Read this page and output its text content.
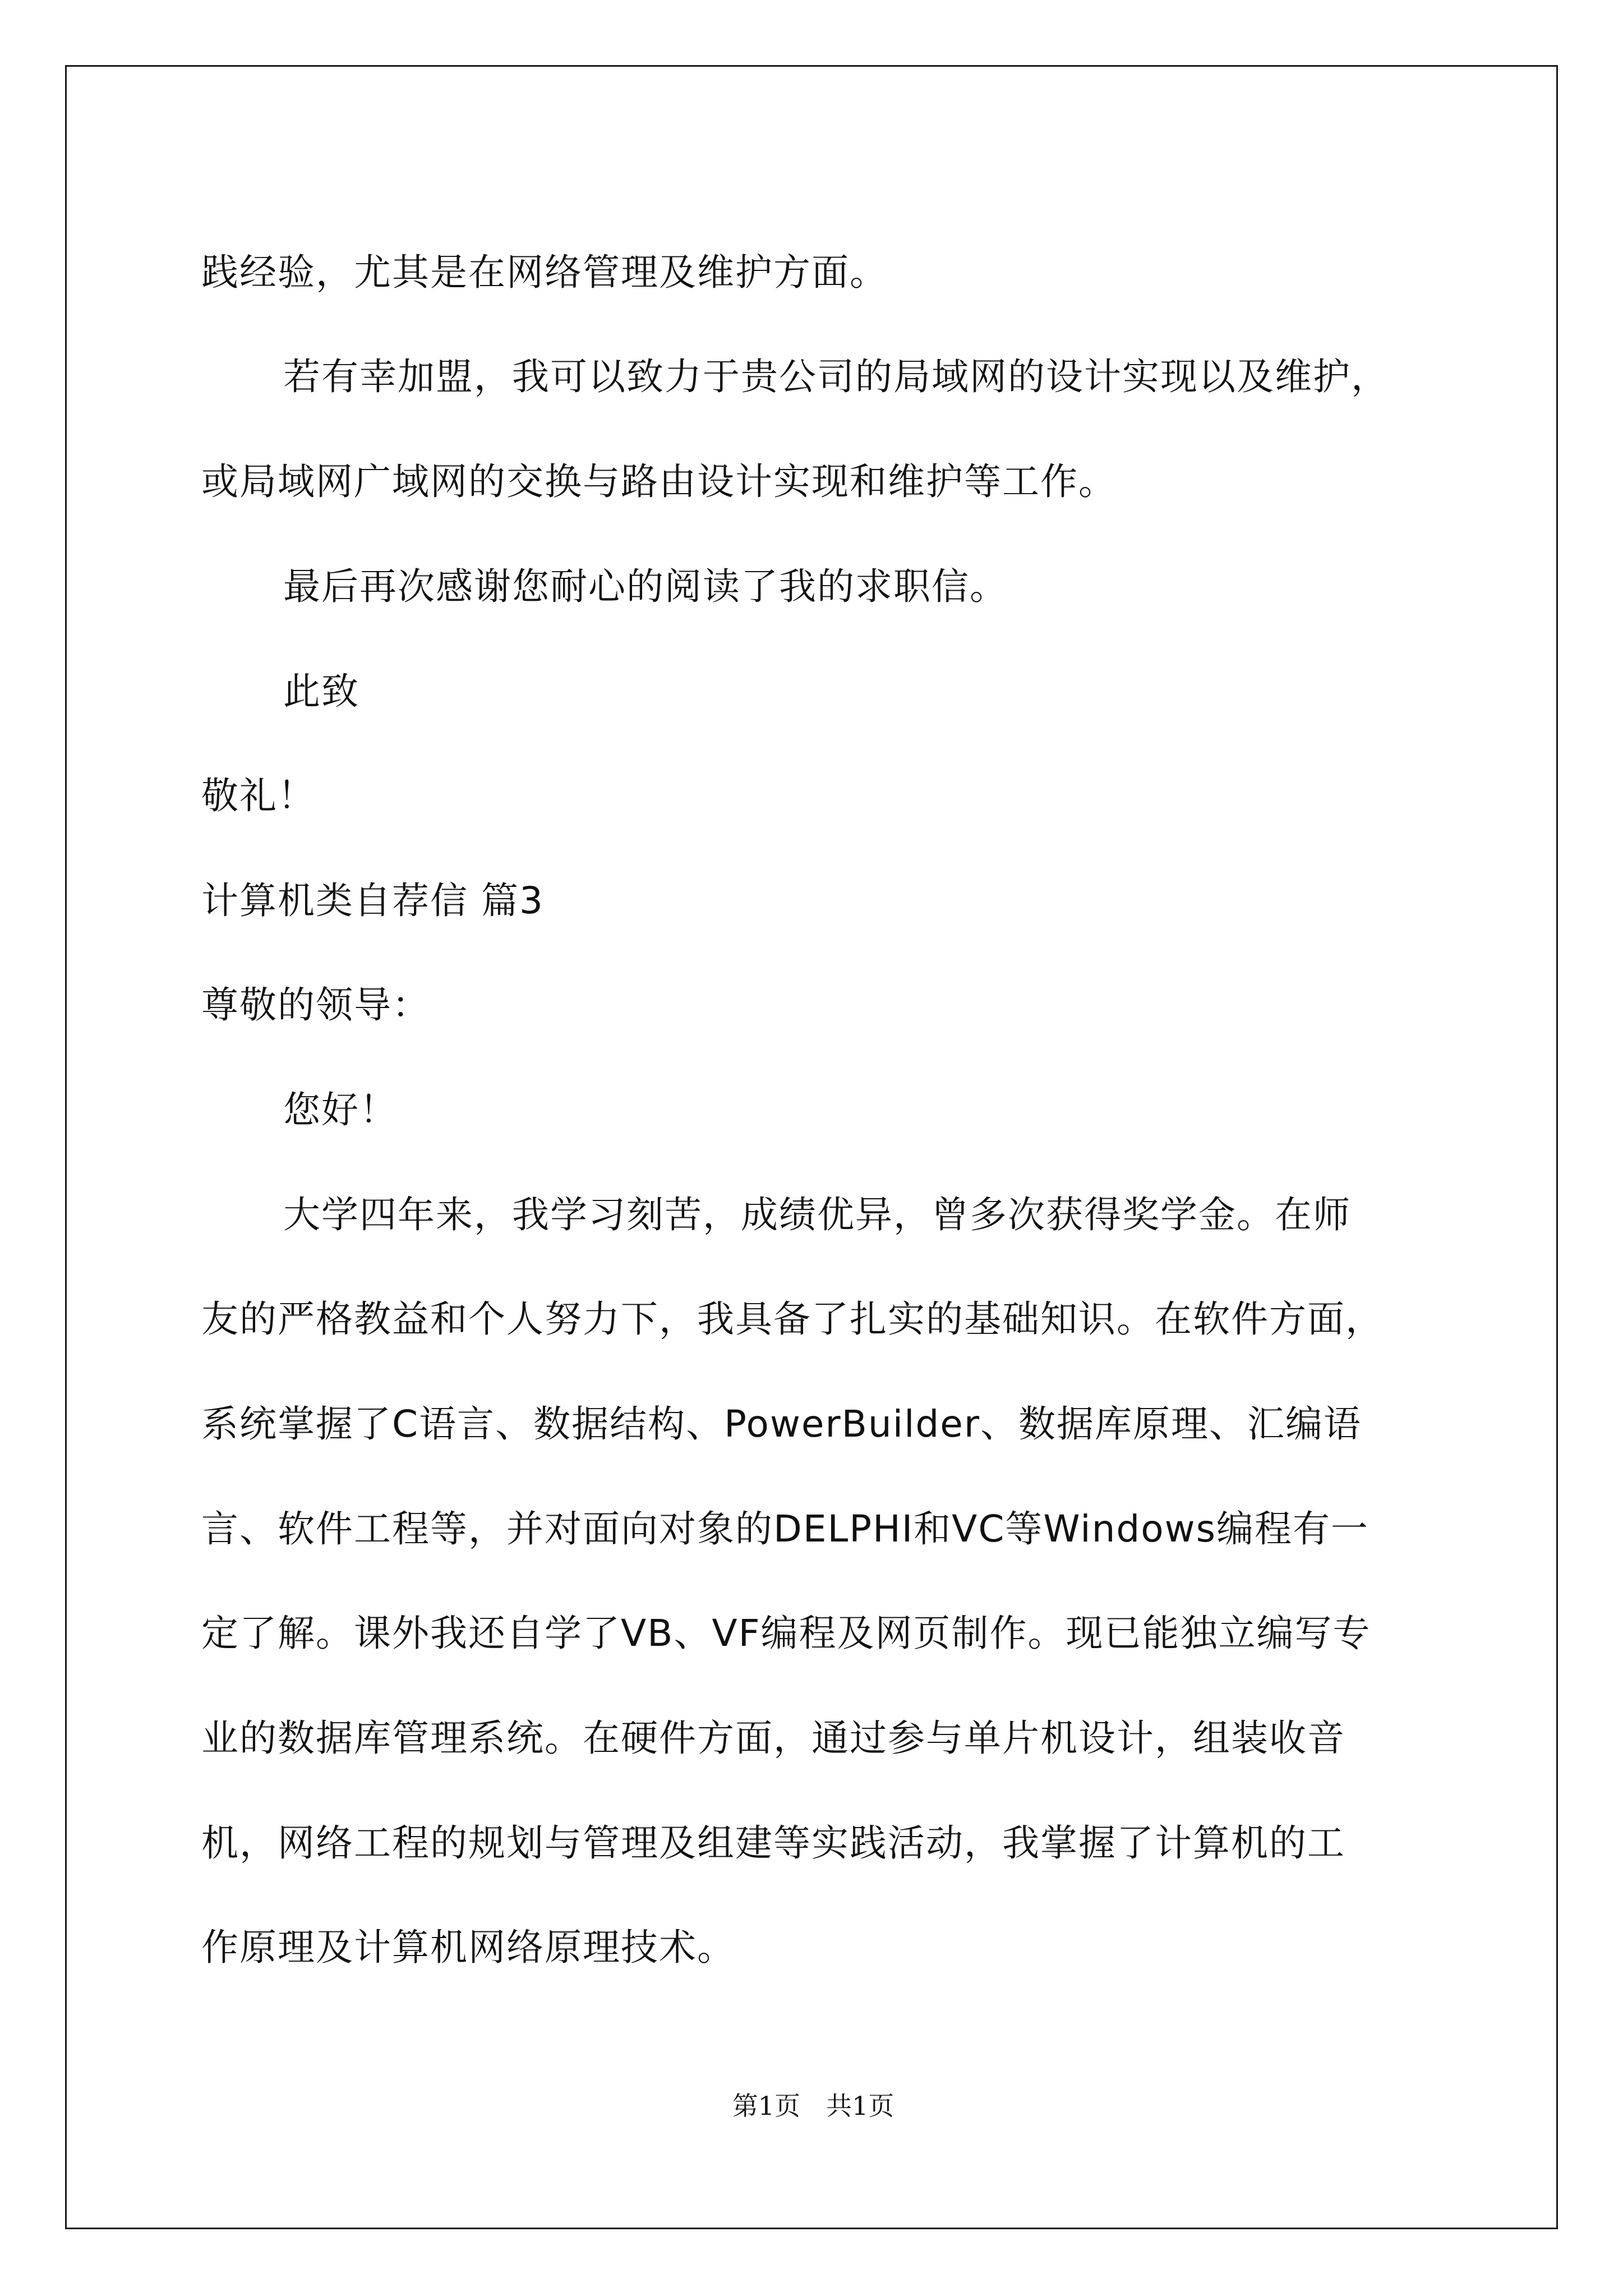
践经验，尤其是在网络管理及维护方面。
若有幸加盟，我可以致力于贵公司的局域网的设计实现以及维护，
或局域网广域网的交换与路由设计实现和维护等工作。
最后再次感谢您耐心的阅读了我的求职信。
此致
敬礼！
计算机类自荐信 篇3
尊敬的领导：
您好！
大学四年来，我学习刻苦，成绩优异，曾多次获得奖学金。在师
友的严格教益和个人努力下，我具备了扎实的基础知识。在软件方面，
系统掌握了C语言、数据结构、PowerBuilder、数据库原理、汇编语
言、软件工程等，并对面向对象的DELPHI和VC等Windows编程有一
定了解。课外我还自学了VB、VF编程及网页制作。现已能独立编写专
业的数据库管理系统。在硬件方面，通过参与单片机设计，组装收音
机，网络工程的规划与管理及组建等实践活动，我掌握了计算机的工
作原理及计算机网络原理技术。
第1页　共1页
